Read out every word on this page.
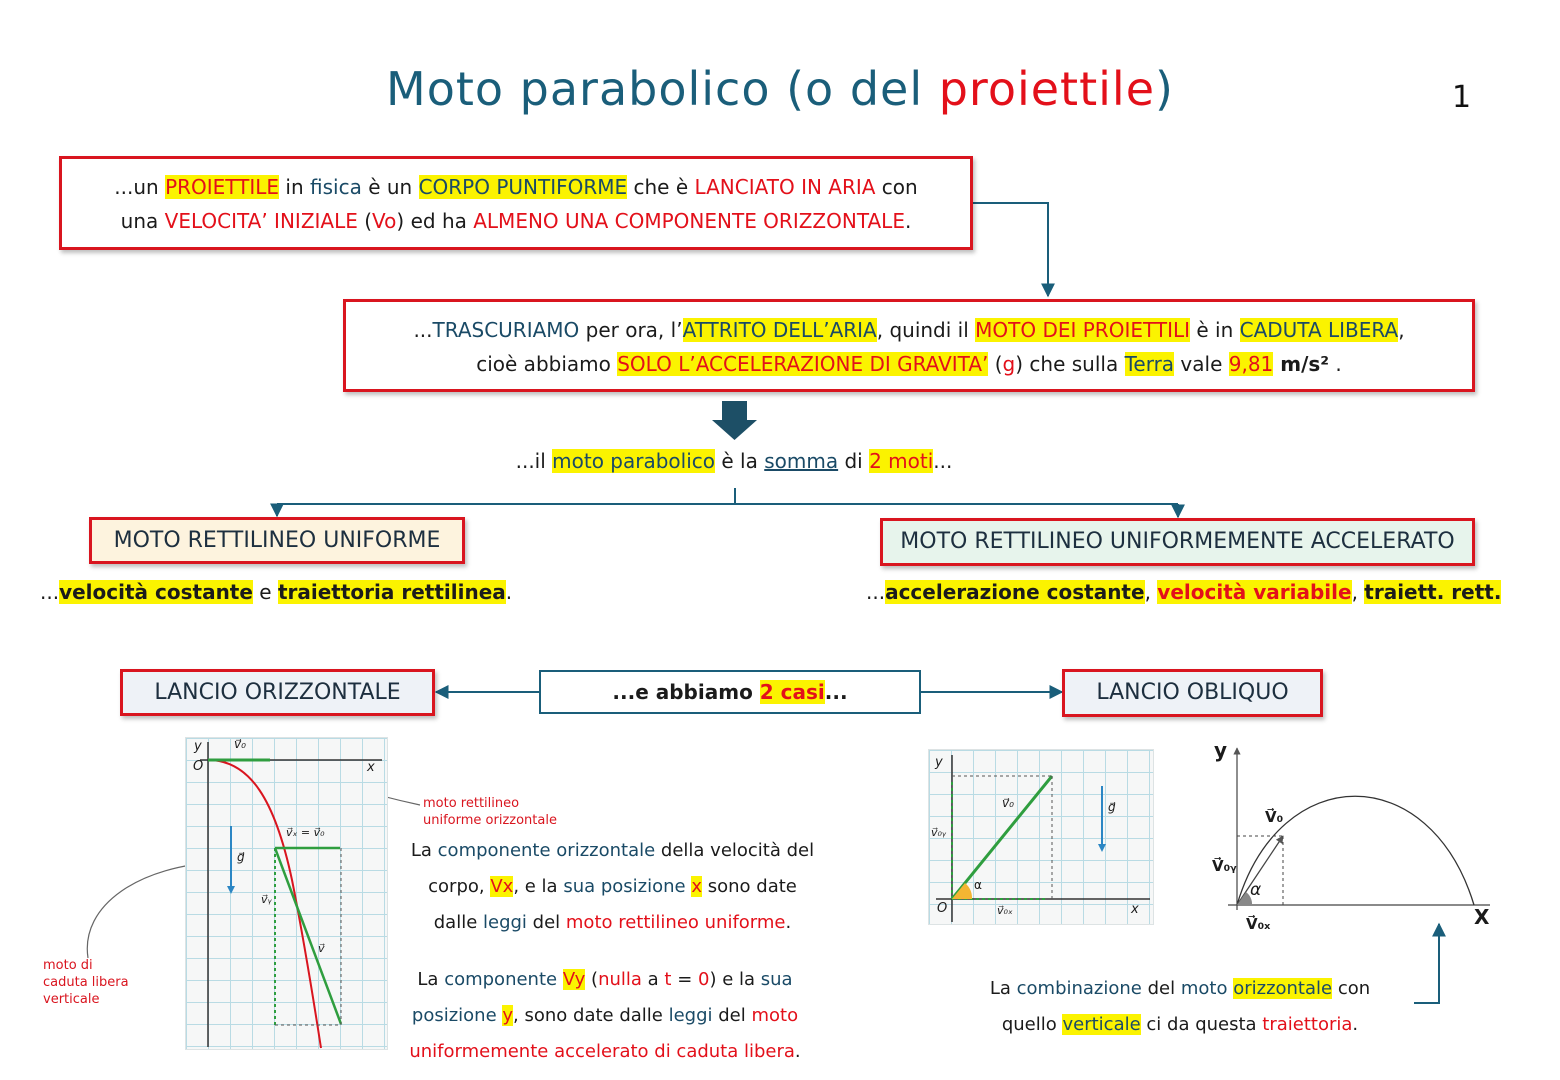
Moto parabolico (o del proiettile)	1
...un PROIETTILE in fisica è un CORPO PUNTIFORME che è LANCIATO IN ARIA con
una VELOCITA’ INIZIALE (Vo) ed ha ALMENO UNA COMPONENTE ORIZZONTALE.
...TRASCURIAMO per ora, l’ATTRITO DELL’ARIA, quindi il MOTO DEI PROIETTILI è in CADUTA LIBERA,
cioè abbiamo SOLO L’ACCELERAZIONE DI GRAVITA’ (g) che sulla Terra vale 9,81 m/s² .
...il moto parabolico è la somma di 2 moti...
MOTO RETTILINEO UNIFORME
...velocità costante e traiettoria rettilinea.
MOTO RETTILINEO UNIFORMEMENTE ACCELERATO
...accelerazione costante, velocità variabile, traiett. rett.
LANCIO ORIZZONTALE	...e abbiamo 2 casi...	LANCIO OBLIQUO
y
O	x
v⃗₀
g⃗
v⃗ₓ = v⃗₀
v⃗ᵧ
v⃗
moto rettilineo
uniforme orizzontale
moto di
caduta libera
verticale
La componente orizzontale della velocità del
corpo, Vx, e la sua posizione x sono date
dalle leggi del moto rettilineo uniforme.
La componente Vy (nulla a t = 0) e la sua
posizione y, sono date dalle leggi del moto
uniformemente accelerato di caduta libera.
y
O	x
v⃗₀
v⃗₀ᵧ
v⃗₀ₓ
α
g⃗
y
X
V⃗₀
V⃗₀ᵧ
V⃗₀ₓ
α
La combinazione del moto orizzontale con
quello verticale ci da questa traiettoria.
